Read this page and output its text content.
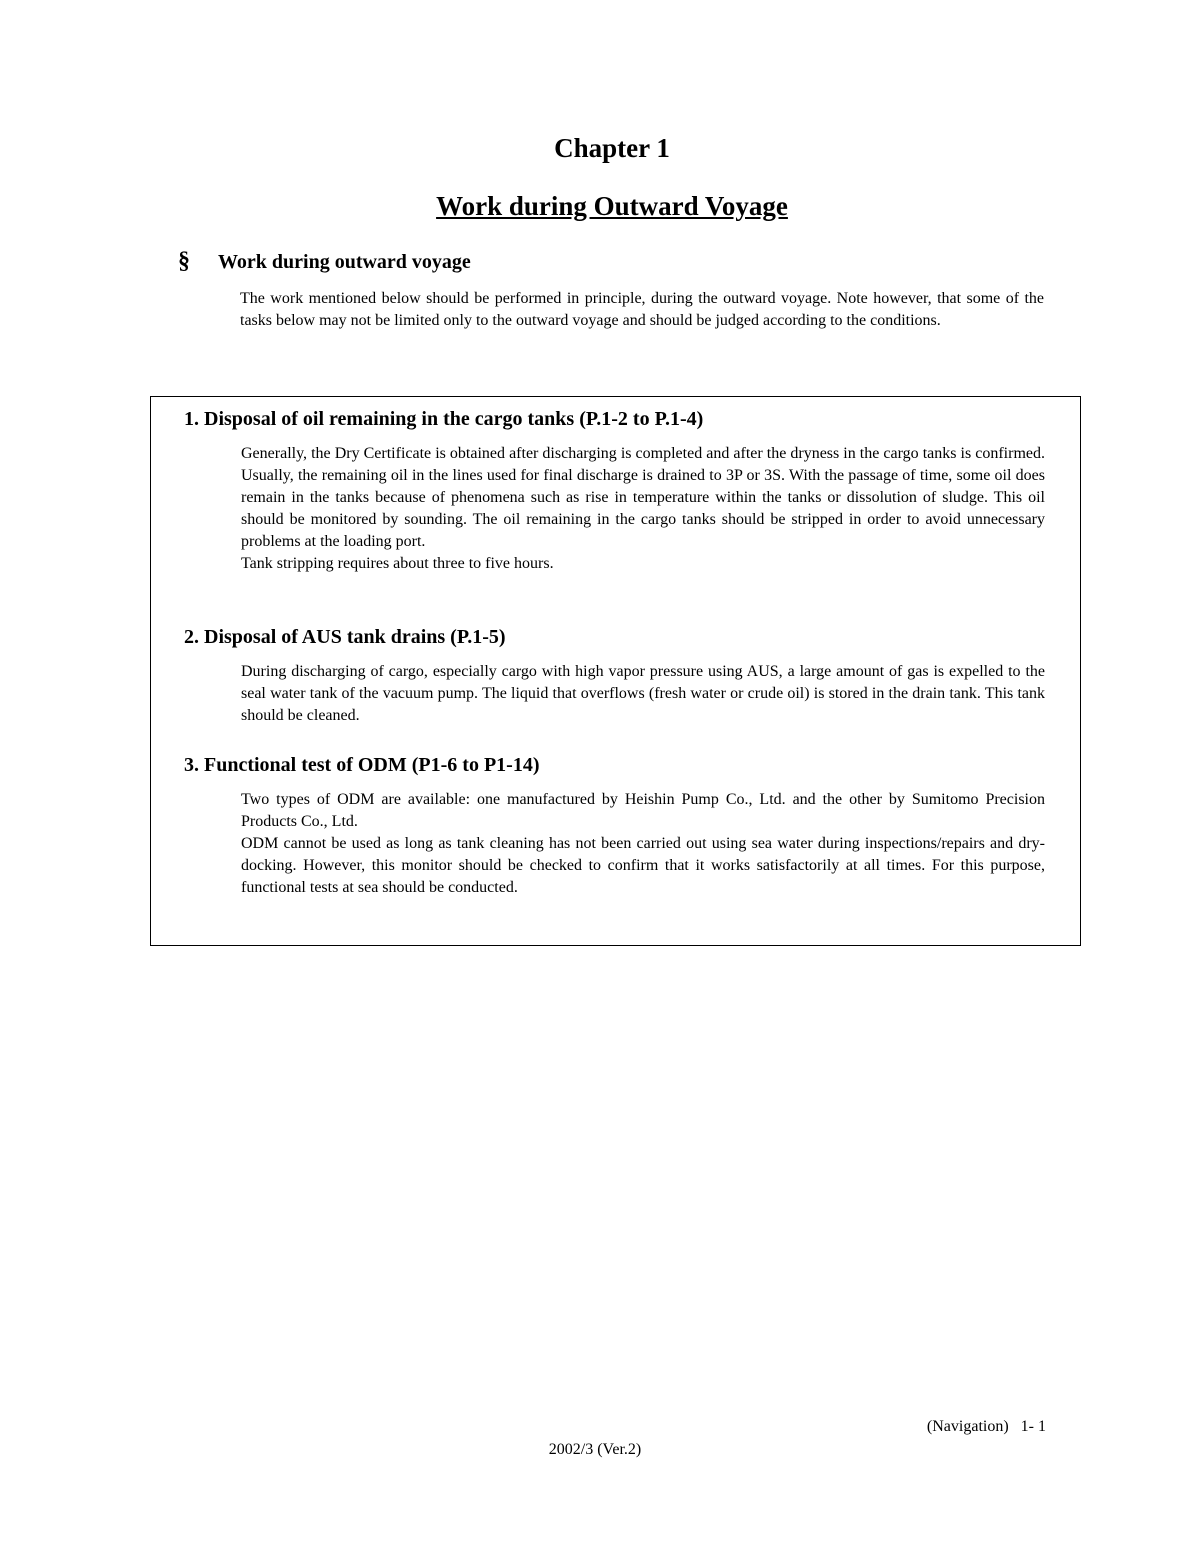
Chapter 1
Work during Outward Voyage
§ Work during outward voyage
The work mentioned below should be performed in principle, during the outward voyage. Note however, that some of the tasks below may not be limited only to the outward voyage and should be judged according to the conditions.
1. Disposal of oil remaining in the cargo tanks (P.1-2 to P.1-4)

Generally, the Dry Certificate is obtained after discharging is completed and after the dryness in the cargo tanks is confirmed. Usually, the remaining oil in the lines used for final discharge is drained to 3P or 3S. With the passage of time, some oil does remain in the tanks because of phenomena such as rise in temperature within the tanks or dissolution of sludge. This oil should be monitored by sounding. The oil remaining in the cargo tanks should be stripped in order to avoid unnecessary problems at the loading port.

Tank stripping requires about three to five hours.

2. Disposal of AUS tank drains (P.1-5)

During discharging of cargo, especially cargo with high vapor pressure using AUS, a large amount of gas is expelled to the seal water tank of the vacuum pump. The liquid that overflows (fresh water or crude oil) is stored in the drain tank. This tank should be cleaned.

3. Functional test of ODM (P1-6 to P1-14)

Two types of ODM are available: one manufactured by Heishin Pump Co., Ltd. and the other by Sumitomo Precision Products Co., Ltd.

ODM cannot be used as long as tank cleaning has not been carried out using sea water during inspections/repairs and dry-docking. However, this monitor should be checked to confirm that it works satisfactorily at all times. For this purpose, functional tests at sea should be conducted.

(Navigation)   1- 1
2002/3 (Ver.2)
